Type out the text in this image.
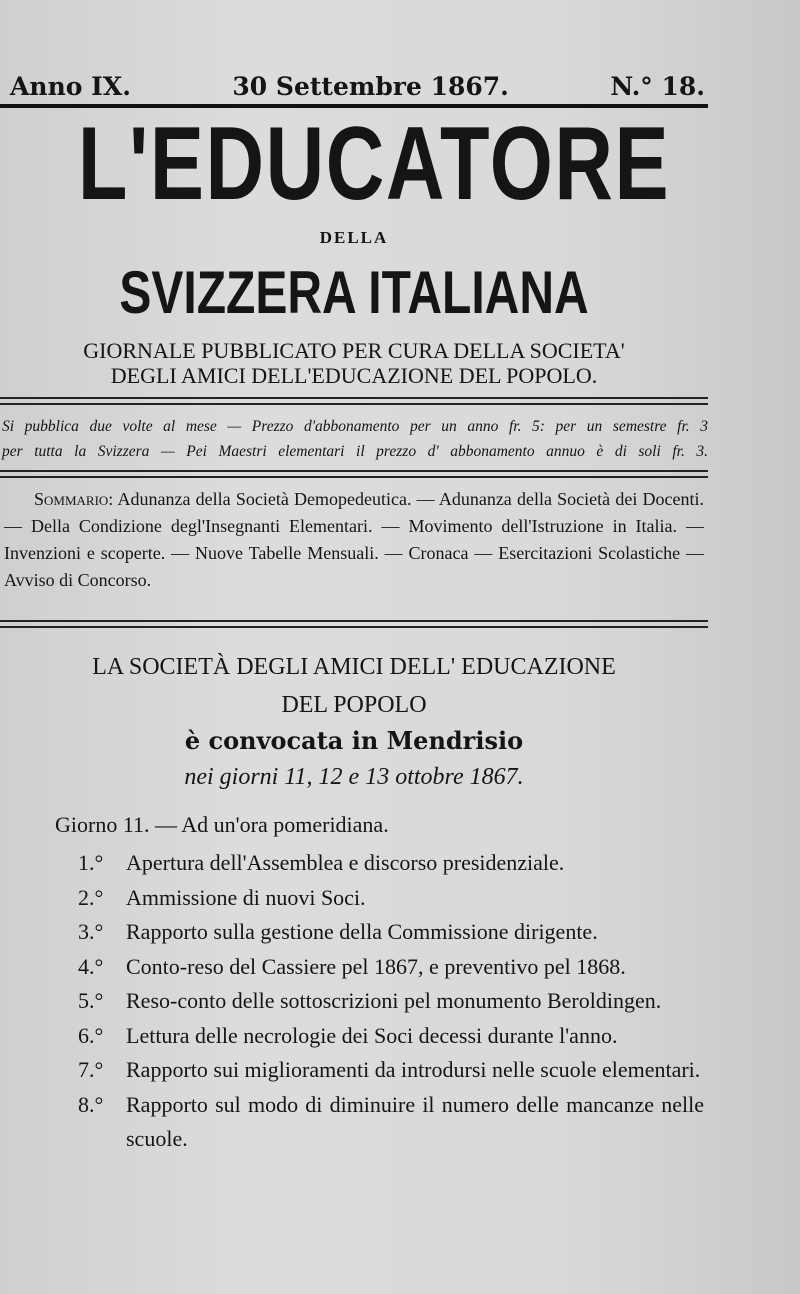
Anno IX.	30 Settembre 1867.	N.° 18.
L'EDUCATORE
DELLA
SVIZZERA ITALIANA
GIORNALE PUBBLICATO PER CURA DELLA SOCIETA'
DEGLI AMICI DELL'EDUCAZIONE DEL POPOLO.
Si pubblica due volte al mese — Prezzo d'abbonamento per un anno fr. 5: per un semestre fr. 3
per tutta la Svizzera — Pei Maestri elementari il prezzo d' abbonamento annuo è di soli fr. 3.
Sommario: Adunanza della Società Demopedeutica. — Adunanza della Società dei Docenti. — Della Condizione degl'Insegnanti Elementari. — Movimento dell'Istruzione in Italia. — Invenzioni e scoperte. — Nuove Tabelle Mensuali. — Cronaca — Esercitazioni Scolastiche — Avviso di Concorso.
LA SOCIETÀ DEGLI AMICI DELL' EDUCAZIONE
DEL POPOLO
è convocata in Mendrisio
nei giorni 11, 12 e 13 ottobre 1867.
Giorno 11. — Ad un'ora pomeridiana.
1.°	Apertura dell'Assemblea e discorso presidenziale.
2.°	Ammissione di nuovi Soci.
3.°	Rapporto sulla gestione della Commissione dirigente.
4.°	Conto-reso del Cassiere pel 1867, e preventivo pel 1868.
5.°	Reso-conto delle sottoscrizioni pel monumento Beroldingen.
6.°	Lettura delle necrologie dei Soci decessi durante l'anno.
7.°	Rapporto sui miglioramenti da introdursi nelle scuole elementari.
8.°	Rapporto sul modo di diminuire il numero delle mancanze nelle scuole.
